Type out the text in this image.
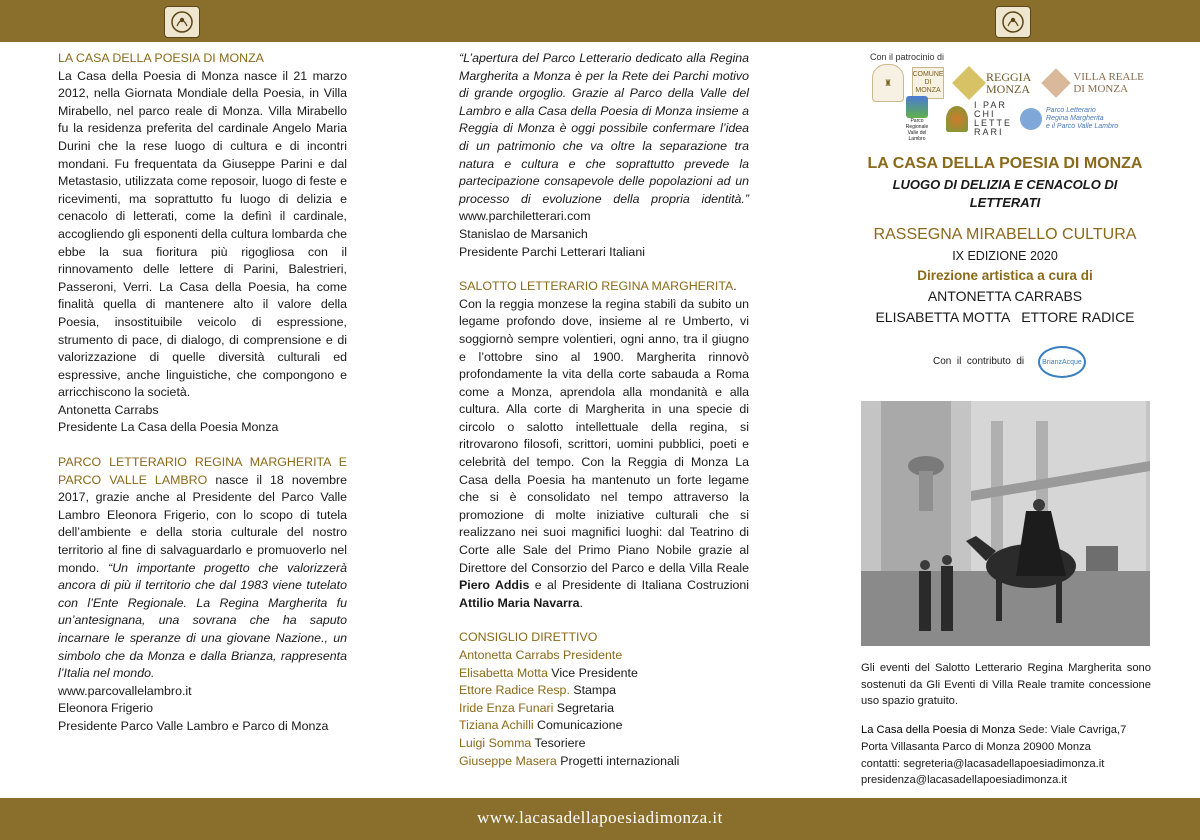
www.lacasadellapoesiadimonza.it

LA CASA DELLA POESIA DI MONZA

La Casa della Poesia di Monza nasce il 21 marzo 2012, nella Giornata Mondiale della Poesia, in Villa Mirabello, nel parco reale di Monza. Villa Mirabello fu la residenza preferita del cardinale Angelo Maria Durini che la rese luogo di cultura e di incontri mondani. Fu frequentata da Giuseppe Parini e dal Metastasio, utilizzata come reposoir, luogo di feste e ricevimenti, ma soprattutto fu luogo di delizia e cenacolo di letterati, come la definì il cardinale, accogliendo gli esponenti della cultura lombarda che ebbe la sua fioritura più rigogliosa con il rinnovamento delle lettere di Parini, Balestrieri, Passeroni, Verri. La Casa della Poesia, ha come finalità quella di mantenere alto il valore della Poesia, insostituibile veicolo di espressione, strumento di pace, di dialogo, di comprensione e di valorizzazione di quelle diversità culturali ed espressive, anche linguistiche, che compongono e arricchiscono la società.

Antonetta Carrabs

Presidente La Casa della Poesia Monza

PARCO LETTERARIO REGINA MARGHERITA E PARCO VALLE LAMBRO nasce il 18 novembre 2017, grazie anche al Presidente del Parco Valle Lambro Eleonora Frigerio, con lo scopo di tutela dell’ambiente e della storia culturale del nostro territorio al fine di salvaguardarlo e promuoverlo nel mondo. “Un importante progetto che valorizzerà ancora di più il territorio che dal 1983 viene tutelato con l’Ente Regionale. La Regina Margherita fu un’antesignana, una sovrana che ha saputo incarnare le speranze di una giovane Nazione., un simbolo che da Monza e dalla Brianza, rappresenta l’Italia nel mondo.

www.parcovallelambro.it

Eleonora Frigerio

Presidente Parco Valle Lambro e Parco di Monza

“L’apertura del Parco Letterario dedicato alla Regina Margherita a Monza è per la Rete dei Parchi motivo di grande orgoglio. Grazie al Parco della Valle del Lambro e alla Casa della Poesia di Monza insieme a Reggia di Monza è oggi possibile confermare l’idea di un patrimonio che va oltre la separazione tra natura e cultura e che soprattutto prevede la partecipazione consapevole delle popolazioni ad un processo di evoluzione della propria identità.” www.parchiletterari.com

Stanislao de Marsanich

Presidente Parchi Letterari Italiani

SALOTTO LETTERARIO REGINA MARGHERITA.

Con la reggia monzese la regina stabilì da subito un legame profondo dove, insieme al re Umberto, vi soggiornò sempre volentieri, ogni anno, tra il giugno e l’ottobre sino al 1900. Margherita rinnovò profondamente la vita della corte sabauda a Roma come a Monza, aprendola alla mondanità e alla cultura. Alla corte di Margherita in una specie di circolo o salotto intellettuale della regina, si ritrovarono filosofi, scrittori, uomini pubblici, poeti e celebrità del tempo. Con la Reggia di Monza La Casa della Poesia ha mantenuto un forte legame che si è consolidato nel tempo attraverso la promozione di molte iniziative culturali che si realizzano nei suoi magnifici luoghi: dal Teatrino di Corte alle Sale del Primo Piano Nobile grazie al Direttore del Consorzio del Parco e della Villa Reale Piero Addis e al Presidente di Italiana Costruzioni Attilio Maria Navarra.

CONSIGLIO DIRETTIVO

Antonetta Carrabs Presidente

Elisabetta Motta Vice Presidente

Ettore Radice Resp. Stampa

Iride Enza Funari Segretaria

Tiziana Achilli Comunicazione

Luigi Somma Tesoriere

Giuseppe Masera Progetti internazionali

Con il patrocinio di
♜
COMUNE DI MONZA
REGGIA
MONZA
VILLA REALE
DI MONZA
Parco Regionale Valle del Lambro
I PAR
CHI
LETTE
RARI
Parco Letterario
Regina Margherita
e il Parco Valle Lambro
LA CASA DELLA POESIA DI MONZA
LUOGO DI DELIZIA E CENACOLO DI LETTERATI
RASSEGNA MIRABELLO CULTURA
IX EDIZIONE 2020
Direzione artistica a cura di
ANTONETTA CARRABS
ELISABETTA MOTTA   ETTORE RADICE
Con  il  contributo  di	BrianzAcque
Gli eventi del Salotto Letterario Regina Margherita sono sostenuti da Gli Eventi di Villa Reale tramite concessione uso spazio gratuito.
La Casa della Poesia di Monza Sede: Viale Cavriga,7 Porta Villasanta Parco di Monza 20900 Monza
contatti: segreteria@lacasadellapoesiadimonza.it
presidenza@lacasadellapoesiadimonza.it
